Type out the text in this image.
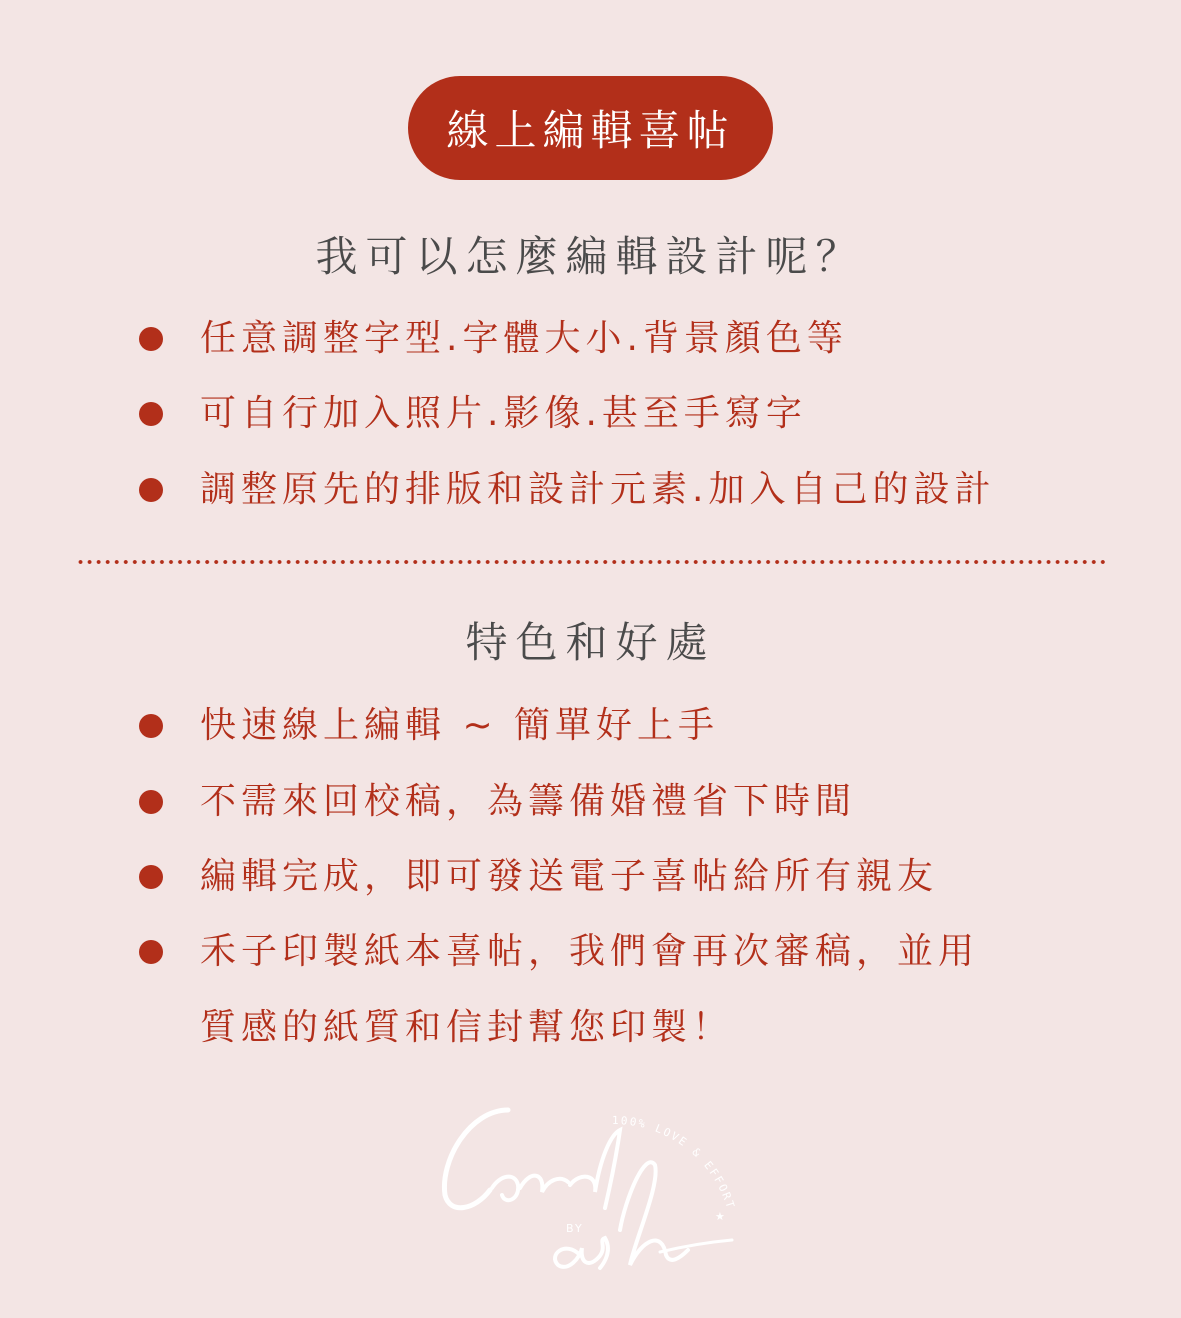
線上編輯喜帖
我可以怎麼編輯設計呢？
任意調整字型.字體大小.背景顏色等
可自行加入照片.影像.甚至手寫字
調整原先的排版和設計元素.加入自己的設計
特色和好處
快速線上編輯 ~ 簡單好上手
不需來回校稿，為籌備婚禮省下時間
編輯完成，即可發送電子喜帖給所有親友
禾子印製紙本喜帖，我們會再次審稿，並用
質感的紙質和信封幫您印製！
BY
100% LOVE & EFFORT
★
